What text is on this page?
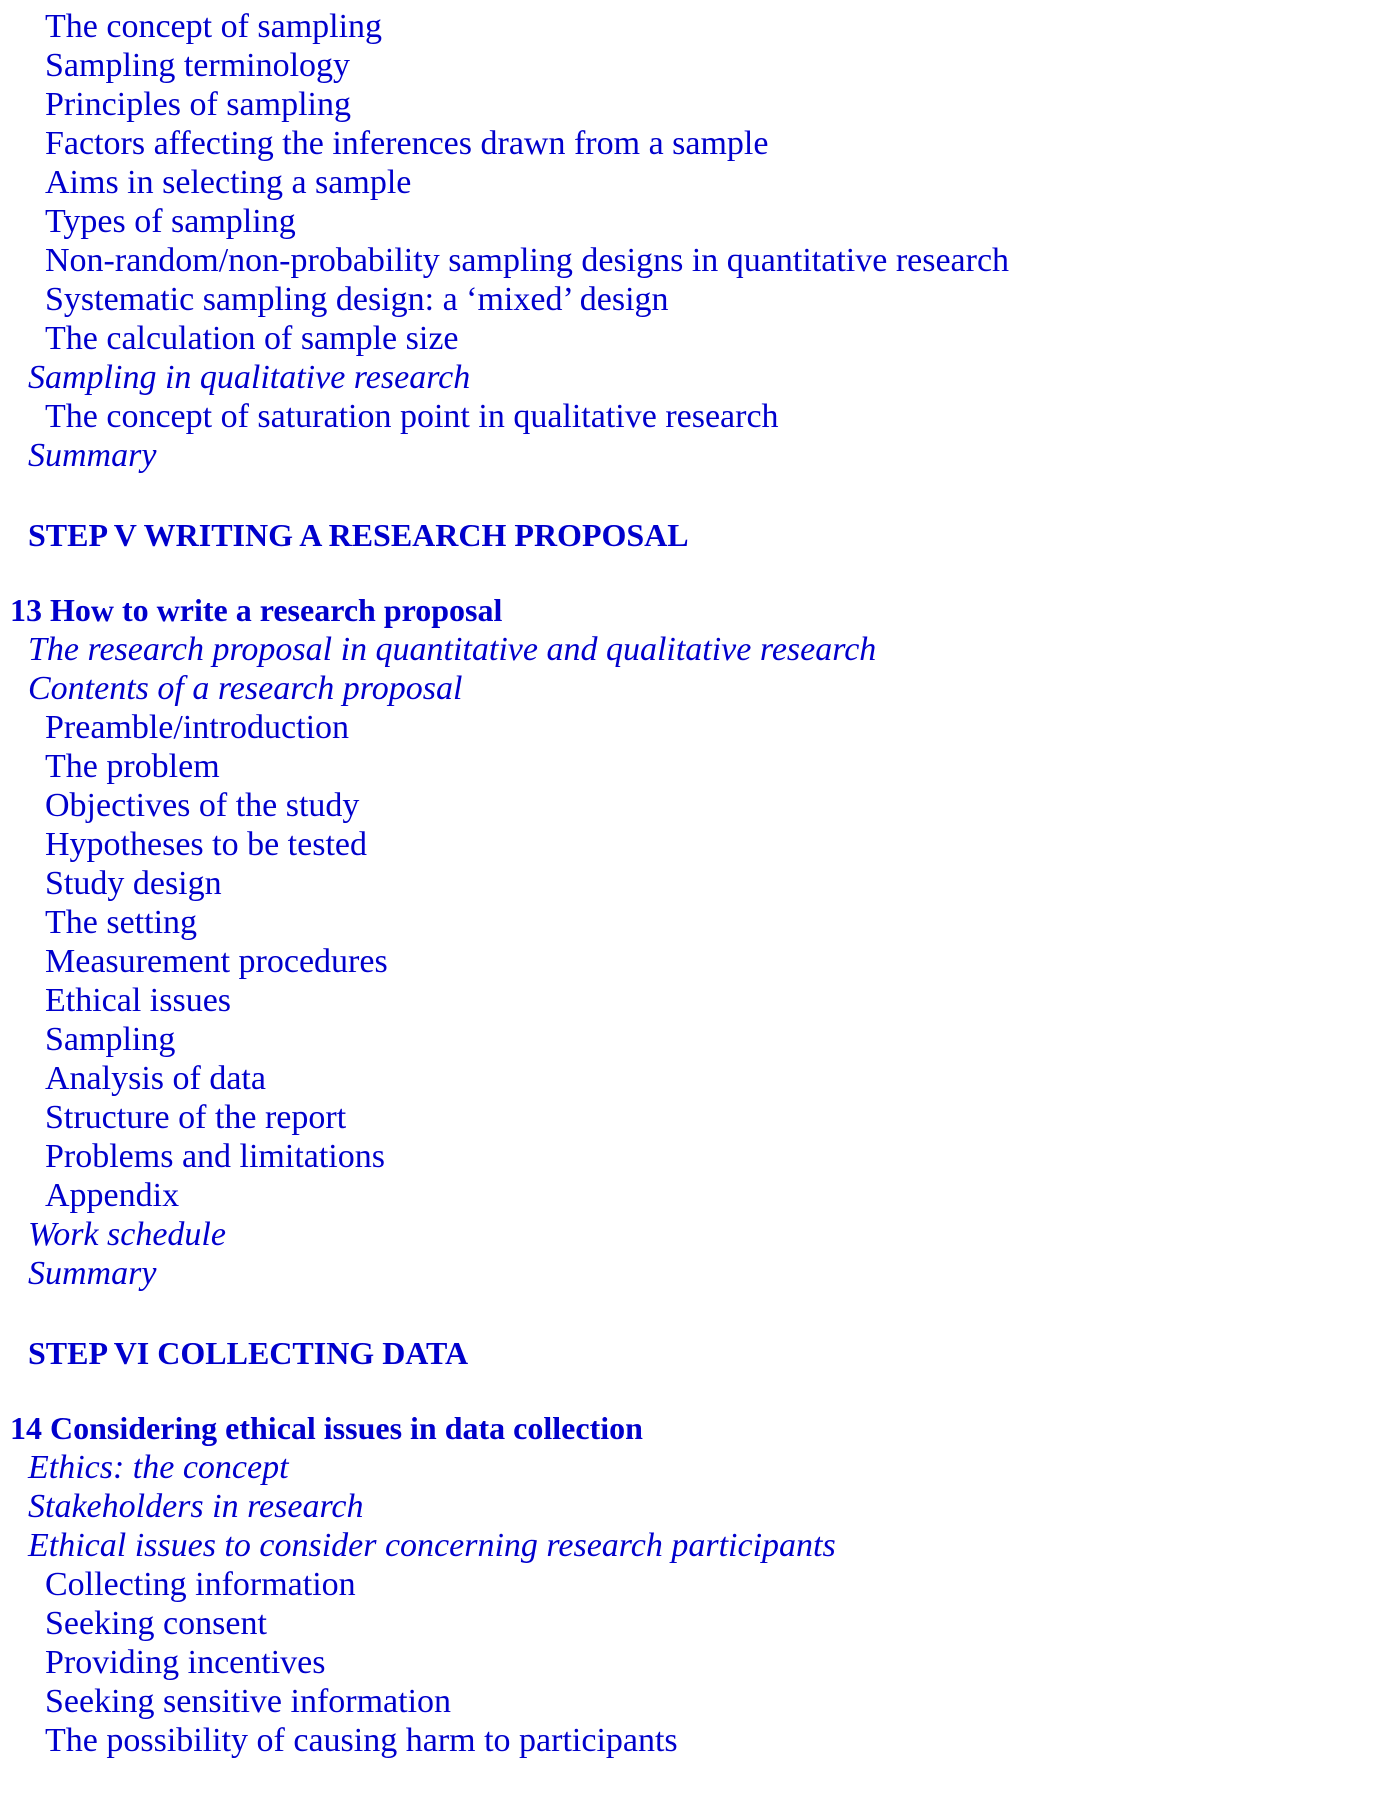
The concept of sampling
Sampling terminology
Principles of sampling
Factors affecting the inferences drawn from a sample
Aims in selecting a sample
Types of sampling
Non-random/non-probability sampling designs in quantitative research
Systematic sampling design: a ‘mixed’ design
The calculation of sample size
Sampling in qualitative research
The concept of saturation point in qualitative research
Summary
STEP V WRITING A RESEARCH PROPOSAL
13 How to write a research proposal
The research proposal in quantitative and qualitative research
Contents of a research proposal
Preamble/introduction
The problem
Objectives of the study
Hypotheses to be tested
Study design
The setting
Measurement procedures
Ethical issues
Sampling
Analysis of data
Structure of the report
Problems and limitations
Appendix
Work schedule
Summary
STEP VI COLLECTING DATA
14 Considering ethical issues in data collection
Ethics: the concept
Stakeholders in research
Ethical issues to consider concerning research participants
Collecting information
Seeking consent
Providing incentives
Seeking sensitive information
The possibility of causing harm to participants
